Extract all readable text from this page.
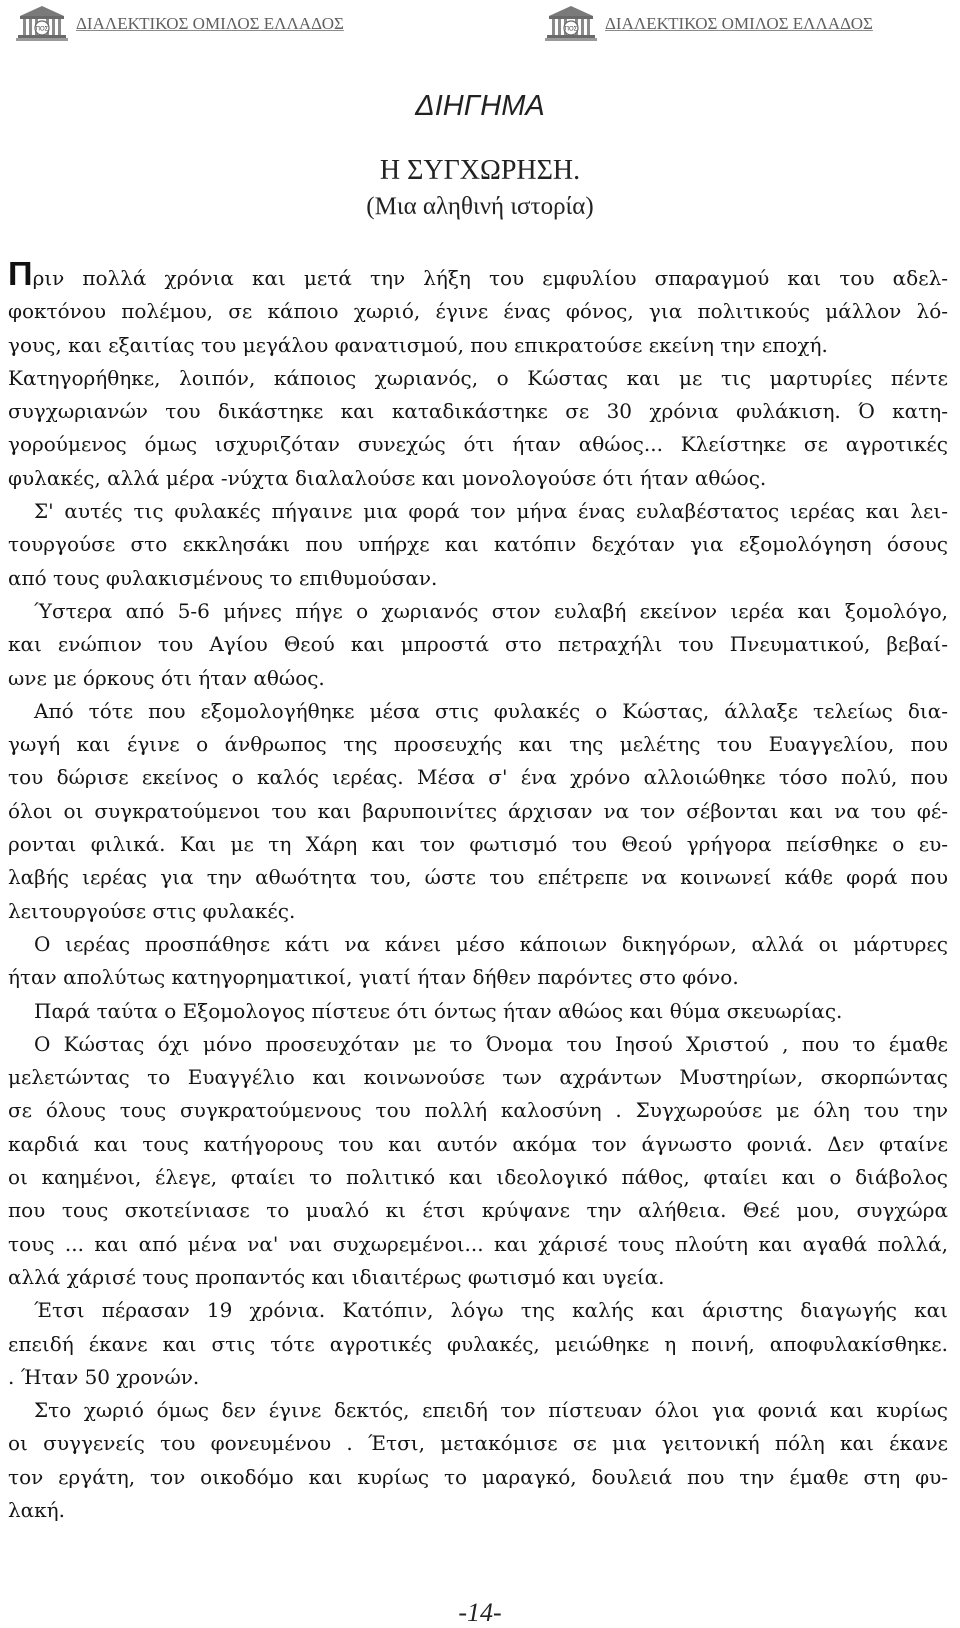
ΠΟΣ ΔΙΑΛΕΚΤΙΚΟΣ ΟΜΙΛΟΣ ΕΛΛΑΔΟΣ	ΠΟΣ ΔΙΑΛΕΚΤΙΚΟΣ ΟΜΙΛΟΣ ΕΛΛΑΔΟΣ
ΔΙΗΓΗΜΑ
Η ΣΥΓΧΩΡΗΣΗ.
(Μια αληθινή ιστορία)
Πριν πολλά χρόνια και μετά την λήξη του εμφυλίου σπαραγμού και του αδελ-
φοκτόνου πολέμου, σε κάποιο χωριό, έγινε ένας φόνος, για πολιτικούς μάλλον λό-
γους, και εξαιτίας του μεγάλου φανατισμού, που επικρατούσε εκείνη την εποχή.
Κατηγορήθηκε, λοιπόν, κάποιος χωριανός, ο Κώστας και με τις μαρτυρίες πέντε
συγχωριανών του δικάστηκε και καταδικάστηκε σε 30 χρόνια φυλάκιση. Ό κατη-
γορούμενος όμως ισχυριζόταν συνεχώς ότι ήταν αθώος... Κλείστηκε σε αγροτικές
φυλακές, αλλά μέρα -νύχτα διαλαλούσε και μονολογούσε ότι ήταν αθώος.
Σ' αυτές τις φυλακές πήγαινε μια φορά τον μήνα ένας ευλαβέστατος ιερέας και λει-
τουργούσε στο εκκλησάκι που υπήρχε και κατόπιν δεχόταν για εξομολόγηση όσους
από τους φυλακισμένους το επιθυμούσαν.
Ύστερα από 5-6 μήνες πήγε ο χωριανός στον ευλαβή εκείνον ιερέα και ξομολόγο,
και ενώπιον του Αγίου Θεού και μπροστά στο πετραχήλι του Πνευματικού, βεβαί-
ωνε με όρκους ότι ήταν αθώος.
Από τότε που εξομολογήθηκε μέσα στις φυλακές ο Κώστας, άλλαξε τελείως δια-
γωγή και έγινε ο άνθρωπος της προσευχής και της μελέτης του Ευαγγελίου, που
του δώρισε εκείνος ο καλός ιερέας. Μέσα σ' ένα χρόνο αλλοιώθηκε τόσο πολύ, που
όλοι οι συγκρατούμενοι του και βαρυποινίτες άρχισαν να τον σέβονται και να του φέ-
ρονται φιλικά. Και με τη Χάρη και τον φωτισμό του Θεού γρήγορα πείσθηκε ο ευ-
λαβής ιερέας για την αθωότητα του, ώστε του επέτρεπε να κοινωνεί κάθε φορά που
λειτουργούσε στις φυλακές.
Ο ιερέας προσπάθησε κάτι να κάνει μέσο κάποιων δικηγόρων, αλλά οι μάρτυρες
ήταν απολύτως κατηγορηματικοί, γιατί ήταν δήθεν παρόντες στο φόνο.
Παρά ταύτα ο Εξομολογος πίστευε ότι όντως ήταν αθώος και θύμα σκευωρίας.
Ο Κώστας όχι μόνο προσευχόταν με το Όνομα του Ιησού Χριστού , που το έμαθε
μελετώντας το Ευαγγέλιο και κοινωνούσε των αχράντων Μυστηρίων, σκορπώντας
σε όλους τους συγκρατούμενους του πολλή καλοσύνη . Συγχωρούσε με όλη του την
καρδιά και τους κατήγορους του και αυτόν ακόμα τον άγνωστο φονιά. Δεν φταίνε
οι καημένοι, έλεγε, φταίει το πολιτικό και ιδεολογικό πάθος, φταίει και ο διάβολος
που τους σκοτείνιασε το μυαλό κι έτσι κρύψανε την αλήθεια. Θεέ μου, συγχώρα
τους ... και από μένα να' ναι συχωρεμένοι... και χάρισέ τους πλούτη και αγαθά πολλά,
αλλά χάρισέ τους προπαντός και ιδιαιτέρως φωτισμό και υγεία.
Έτσι πέρασαν 19 χρόνια. Κατόπιν, λόγω της καλής και άριστης διαγωγής και
επειδή έκανε και στις τότε αγροτικές φυλακές, μειώθηκε η ποινή, αποφυλακίσθηκε.
. Ήταν 50 χρονών.
Στο χωριό όμως δεν έγινε δεκτός, επειδή τον πίστευαν όλοι για φονιά και κυρίως
οι συγγενείς του φονευμένου . Έτσι, μετακόμισε σε μια γειτονική πόλη και έκανε
τον εργάτη, τον οικοδόμο και κυρίως το μαραγκό, δουλειά που την έμαθε στη φυ-
λακή.
-14-
